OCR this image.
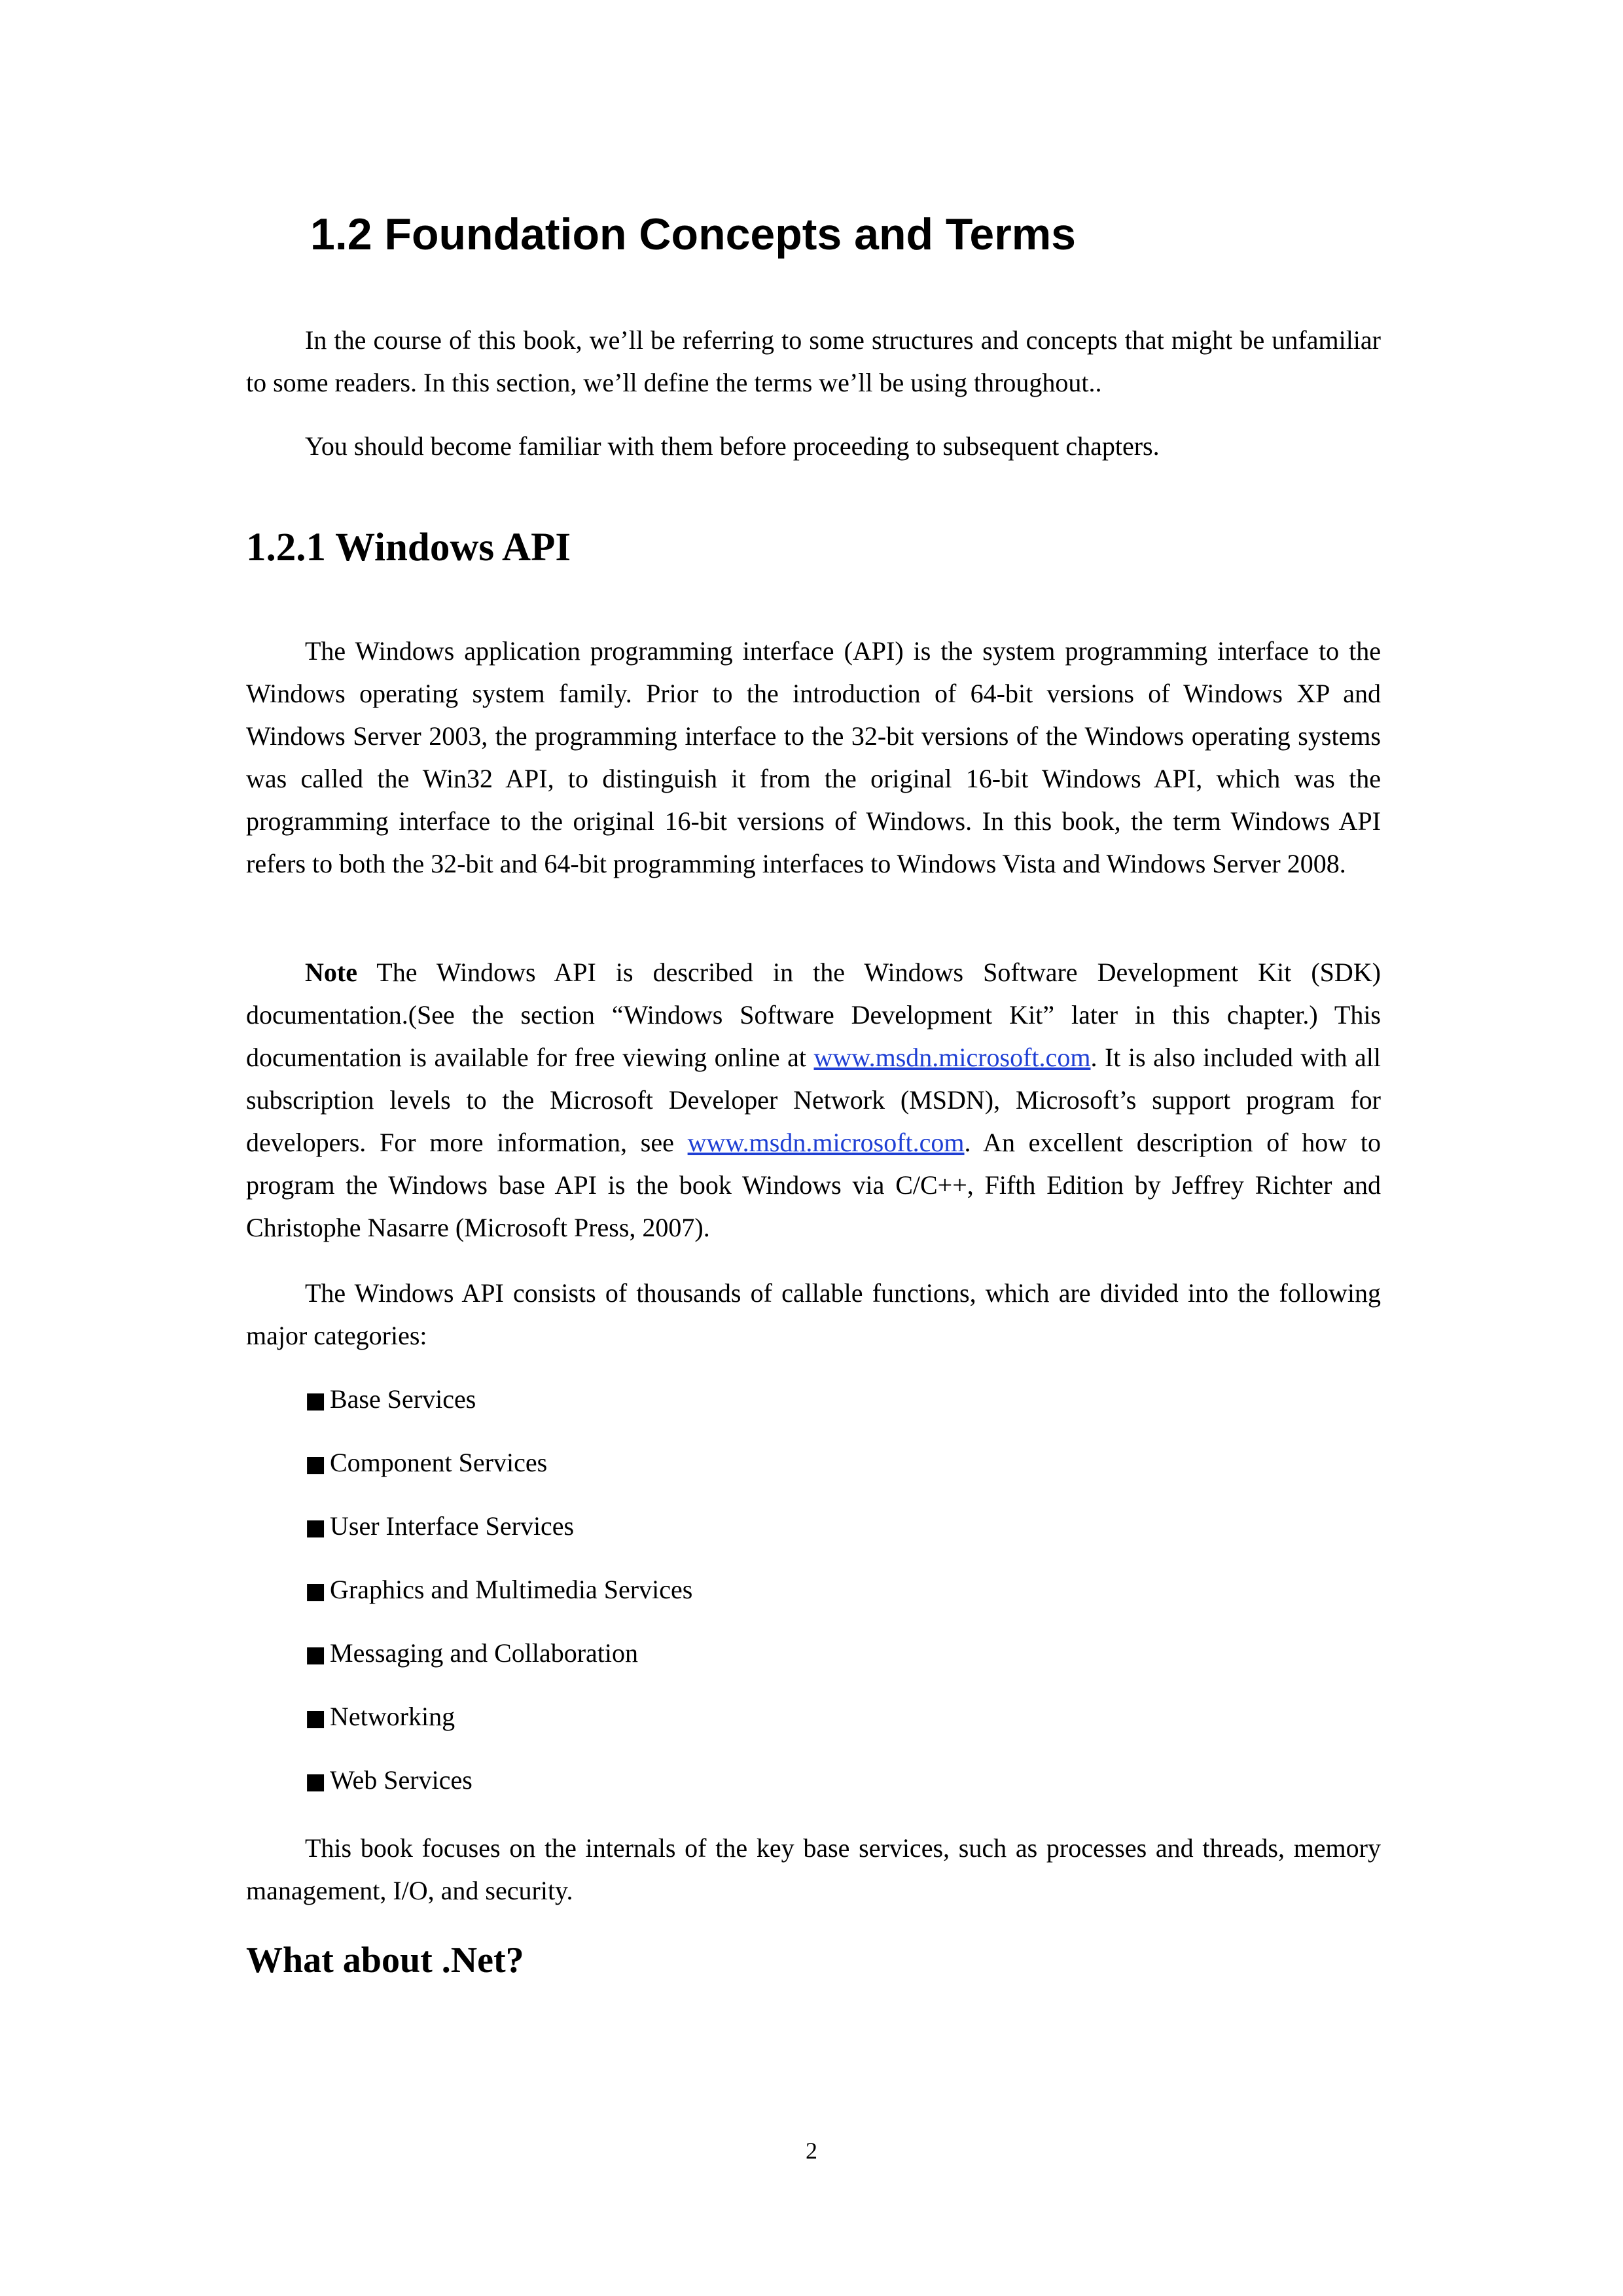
1.2 Foundation Concepts and Terms

In the course of this book, we’ll be referring to some structures and concepts that might be unfamiliar to some readers. In this section, we’ll define the terms we’ll be using throughout..

You should become familiar with them before proceeding to subsequent chapters.

1.2.1 Windows API

The Windows application programming interface (API) is the system programming interface to the Windows operating system family. Prior to the introduction of 64-bit versions of Windows XP and Windows Server 2003, the programming interface to the 32-bit versions of the Windows operating systems was called the Win32 API, to distinguish it from the original 16-bit Windows API, which was the programming interface to the original 16-bit versions of Windows. In this book, the term Windows API refers to both the 32-bit and 64-bit programming interfaces to Windows Vista and Windows Server 2008.

Note The Windows API is described in the Windows Software Development Kit (SDK) documentation.(See the section “Windows Software Development Kit” later in this chapter.) This documentation is available for free viewing online at www.msdn.microsoft.com. It is also included with all subscription levels to the Microsoft Developer Network (MSDN), Microsoft’s support program for developers. For more information, see www.msdn.microsoft.com. An excellent description of how to program the Windows base API is the book Windows via C/C++, Fifth Edition by Jeffrey Richter and Christophe Nasarre (Microsoft Press, 2007).

The Windows API consists of thousands of callable functions, which are divided into the following major categories:

■ Base Services
■ Component Services
■ User Interface Services
■ Graphics and Multimedia Services
■ Messaging and Collaboration
■ Networking
■ Web Services

This book focuses on the internals of the key base services, such as processes and threads, memory management, I/O, and security.

What about .Net?
2
